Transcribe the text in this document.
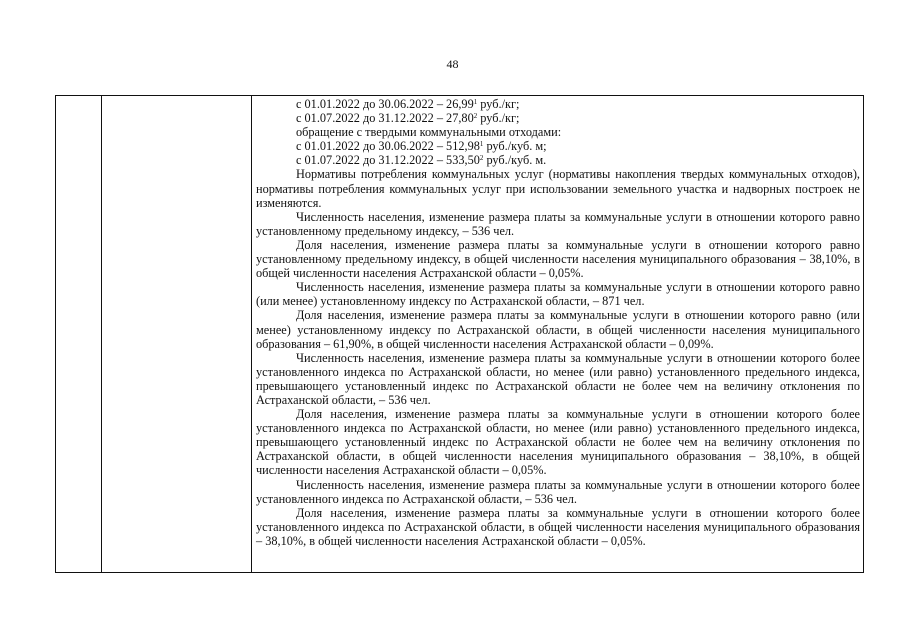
48

с 01.01.2022 до 30.06.2022 – 26,99$^1$ руб./кг;
с 01.07.2022 до 31.12.2022 – 27,80$^2$ руб./кг;
обращение с твердыми коммунальными отходами:
с 01.01.2022 до 30.06.2022 – 512,98$^1$ руб./куб. м;
с 01.07.2022 до 31.12.2022 – 533,50$^2$ руб./куб. м.

Нормативы потребления коммунальных услуг (нормативы накопления твердых коммунальных отходов), нормативы потребления коммунальных услуг при использовании земельного участка и надворных построек не изменяются.

Численность населения, изменение размера платы за коммунальные услуги в отношении которого равно установленному предельному индексу, – 536 чел.

Доля населения, изменение размера платы за коммунальные услуги в отношении которого равно установленному предельному индексу, в общей численности населения муниципального образования – 38,10%, в общей численности населения Астраханской области – 0,05%.

Численность населения, изменение размера платы за коммунальные услуги в отношении которого равно (или менее) установленному индексу по Астраханской области, – 871 чел.

Доля населения, изменение размера платы за коммунальные услуги в отношении которого равно (или менее) установленному индексу по Астраханской области, в общей численности населения муниципального образования – 61,90%, в общей численности населения Астраханской области – 0,09%.

Численность населения, изменение размера платы за коммунальные услуги в отношении которого более установленного индекса по Астраханской области, но менее (или равно) установленного предельного индекса, превышающего установленный индекс по Астраханской области не более чем на величину отклонения по Астраханской области, – 536 чел.

Доля населения, изменение размера платы за коммунальные услуги в отношении которого более установленного индекса по Астраханской области, но менее (или равно) установленного предельного индекса, превышающего установленный индекс по Астраханской области не более чем на величину отклонения по Астраханской области, в общей численности населения муниципального образования – 38,10%, в общей численности населения Астраханской области – 0,05%.

Численность населения, изменение размера платы за коммунальные услуги в отношении которого более установленного индекса по Астраханской области, – 536 чел.

Доля населения, изменение размера платы за коммунальные услуги в отношении которого более установленного индекса по Астраханской области, в общей численности населения муниципального образования – 38,10%, в общей численности населения Астраханской области – 0,05%.
